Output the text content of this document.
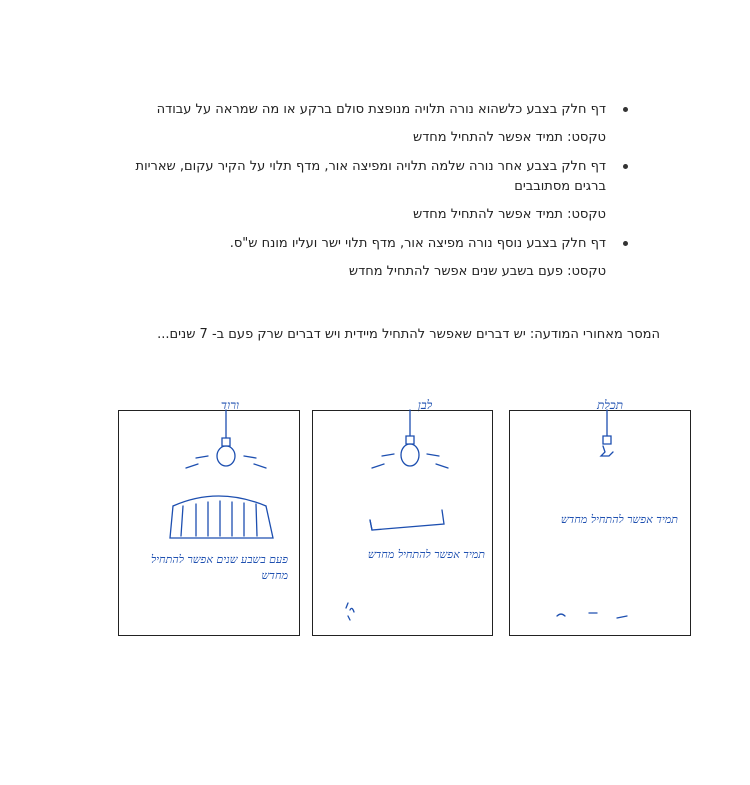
דף חלק בצבע כלשהוא נורה תלויה מנופצת סולם ברקע או מה שמראה על עבודה
טקסט: תמיד אפשר להתחיל מחדש
דף חלק בצבע אחר נורה שלמה תלויה ומפיצה אור, מדף תלוי על הקיר עקום, שאריות ברגים מסתובבים
טקסט: תמיד אפשר להתחיל מחדש
דף חלק בצבע נוסף נורה מפיצה אור, מדף תלוי ישר ועליו מונח ש"ס.
טקסט: פעם בשבע שנים אפשר להתחיל מחדש
המסר מאחורי המודעה: יש דברים שאפשר להתחיל מיידית ויש דברים שרק פעם ב- 7 שנים...
ורוד	לבן	תכלת
פעם בשבע שנים אפשר להתחיל מחדש
תמיד אפשר להתחיל מחדש
תמיד אפשר להתחיל מחדש
